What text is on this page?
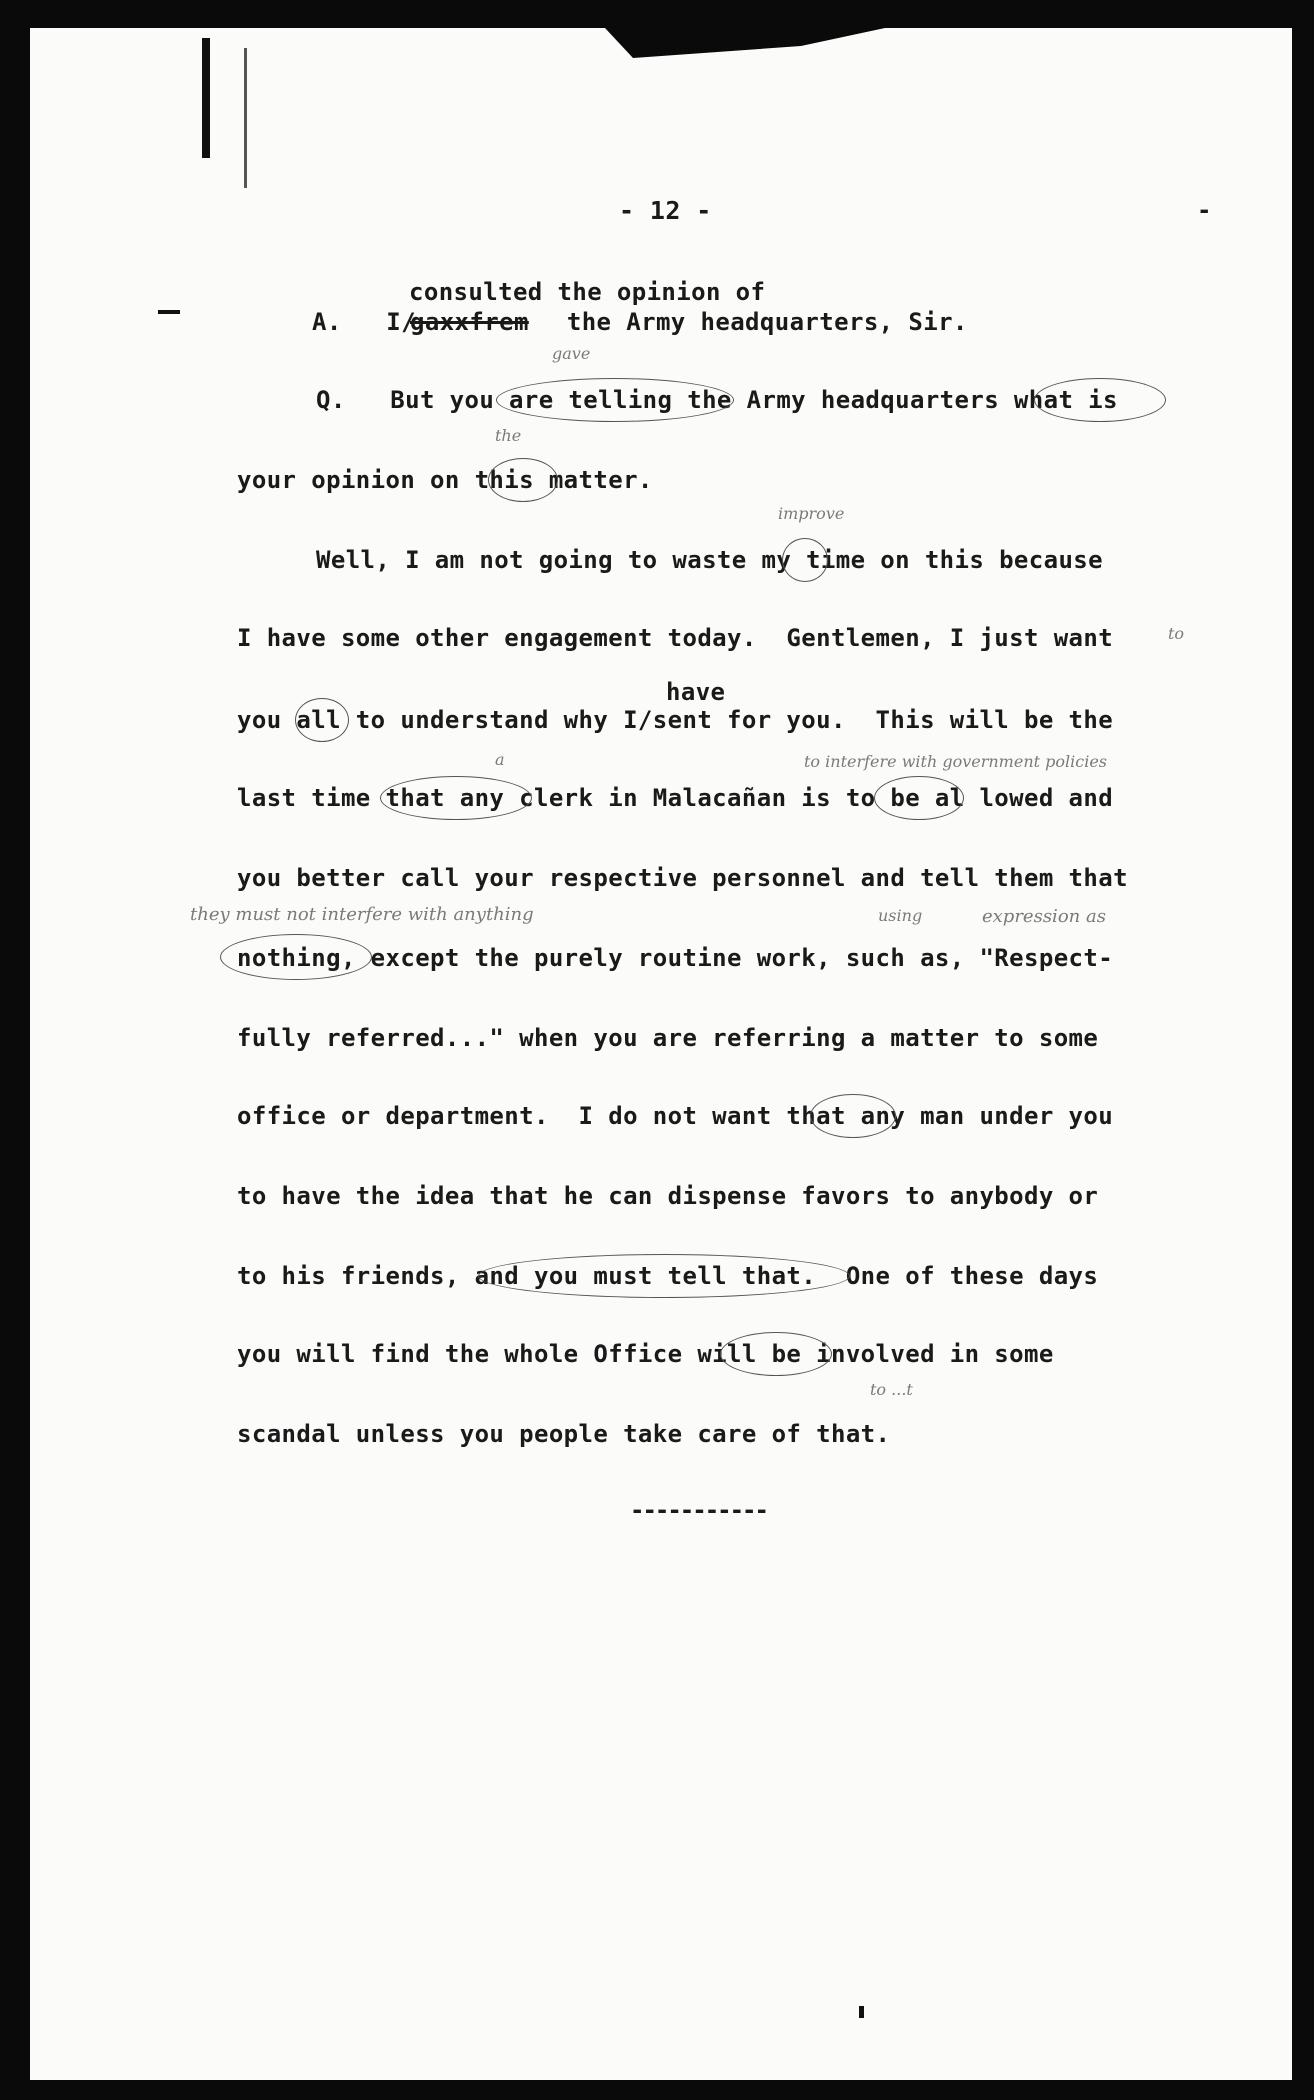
- 12 -	-
consulted the opinion of
A.   I/
gaxxfrem the Army headquarters, Sir.
gave
Q.   But you are telling the Army headquarters what is
the
your opinion on this matter.
improve
Well, I am not going to waste my time on this because
I have some other engagement today.  Gentlemen, I just want	to
have
you all to understand why I/sent for you.  This will be the
a	to interfere with government policies
last time that any clerk in Malacañan is to be al lowed and
you better call your respective personnel and tell them that
they must not interfere with anything	using	expression as
nothing, except the purely routine work, such as, "Respect-
fully referred..." when you are referring a matter to some
office or department.  I do not want that any man under you
to have the idea that he can dispense favors to anybody or
to his friends, and you must tell that.  One of these days
you will find the whole Office will be involved in some
to ...t
scandal unless you people take care of that.
-----------
